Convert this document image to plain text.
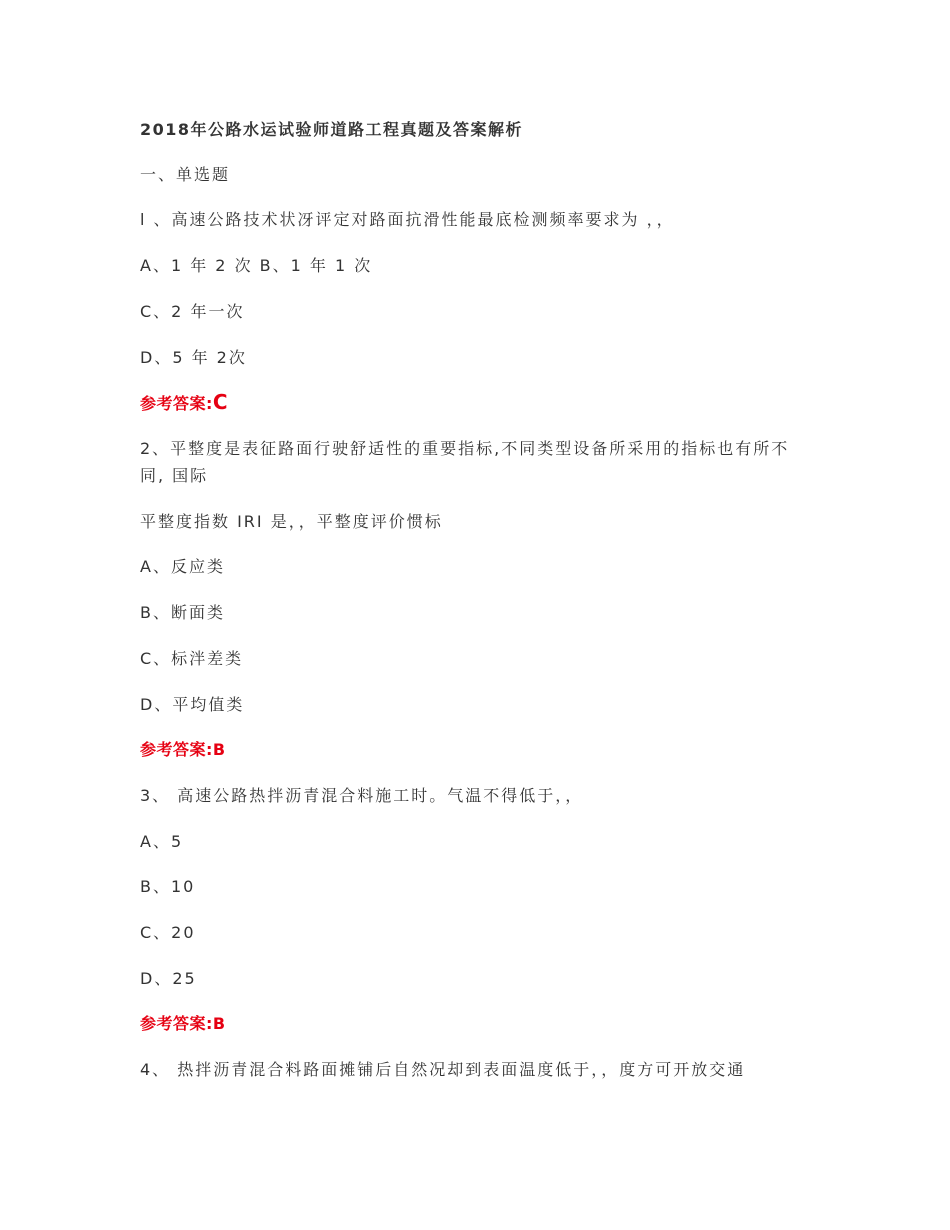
2018年公路水运试验师道路工程真题及答案解析
一、单选题
l 、高速公路技术状冴评定对路面抗滑性能最底检测频率要求为 ，，
A、1 年 2 次 B、1 年 1 次
C、2 年一次
D、5 年 2次
参考答案:C
2、平整度是表征路面行驶舒适性的重要指标,不同类型设备所采用的指标也有所不同, 国际
平整度指数 IRI 是，，平整度评价惯标
A、反应类
B、断面类
C、标泮差类
D、平均值类
参考答案:B
3、 高速公路热拌沥青混合料施工时。气温不得低于，，
A、5
B、10
C、20
D、25
参考答案:B
4、 热拌沥青混合料路面摊铺后自然况却到表面温度低于，，度方可开放交通
